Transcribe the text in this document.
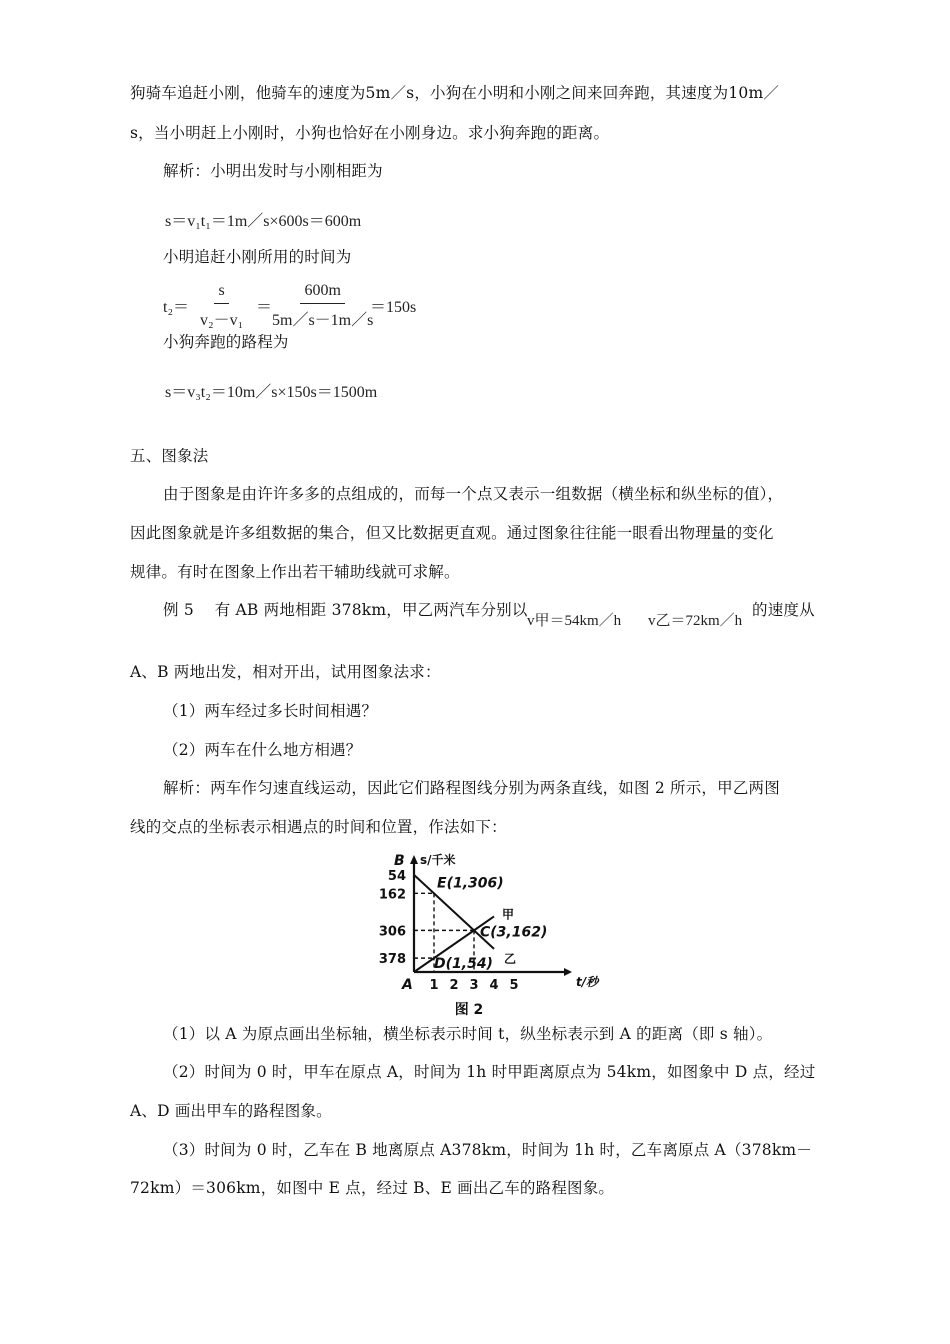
狗骑车追赶小刚，他骑车的速度为5m／s，小狗在小明和小刚之间来回奔跑，其速度为10m／
s，当小明赶上小刚时，小狗也恰好在小刚身边。求小狗奔跑的距离。
解析：小明出发时与小刚相距为
s＝v₁t₁＝1m／s×600s＝600m
小明追赶小刚所用的时间为
$t_2= \frac{s}{\text{v₂－v₁}}$ ＝
$\frac{600m}{5m/s-1m/s}$
＝150s
小狗奔跑的路程为
s＝v₃t₂＝10m／s×150s＝1500m
五、图象法
由于图象是由许许多多的点组成的，而每一个点又表示一组数据（横坐标和纵坐标的值），
因此图象就是许多组数据的集合，但又比数据更直观。通过图象往往能一眼看出物理量的变化
规律。有时在图象上作出若干辅助线就可求解。
例 5　 有 AB 两地相距 378km，甲乙两汽车分别以
v甲＝54km／h v乙＝72km／h
的速度从
A、B 两地出发，相对开出，试用图象法求：
（1）两车经过多长时间相遇？
（2）两车在什么地方相遇？
解析：两车作匀速直线运动，因此它们路程图线分别为两条直线，如图 2 所示，甲乙两图
线的交点的坐标表示相遇点的时间和位置，作法如下：
s/千米
t/秒
A
B
378
306
162
54
1 2 3 4 5
甲
乙
E(1,306)
C(3,162)
D(1,54)
图 2
（1）以 A 为原点画出坐标轴，横坐标表示时间 t，纵坐标表示到 A 的距离（即 s 轴）。
（2）时间为 0 时，甲车在原点 A，时间为 1h 时甲距离原点为 54km，如图象中 D 点，经过
A、D 画出甲车的路程图象。
（3）时间为 0 时，乙车在 B 地离原点 A378km，时间为 1h 时，乙车离原点 A（378km－
72km）＝306km，如图中 E 点，经过 B、E 画出乙车的路程图象。
